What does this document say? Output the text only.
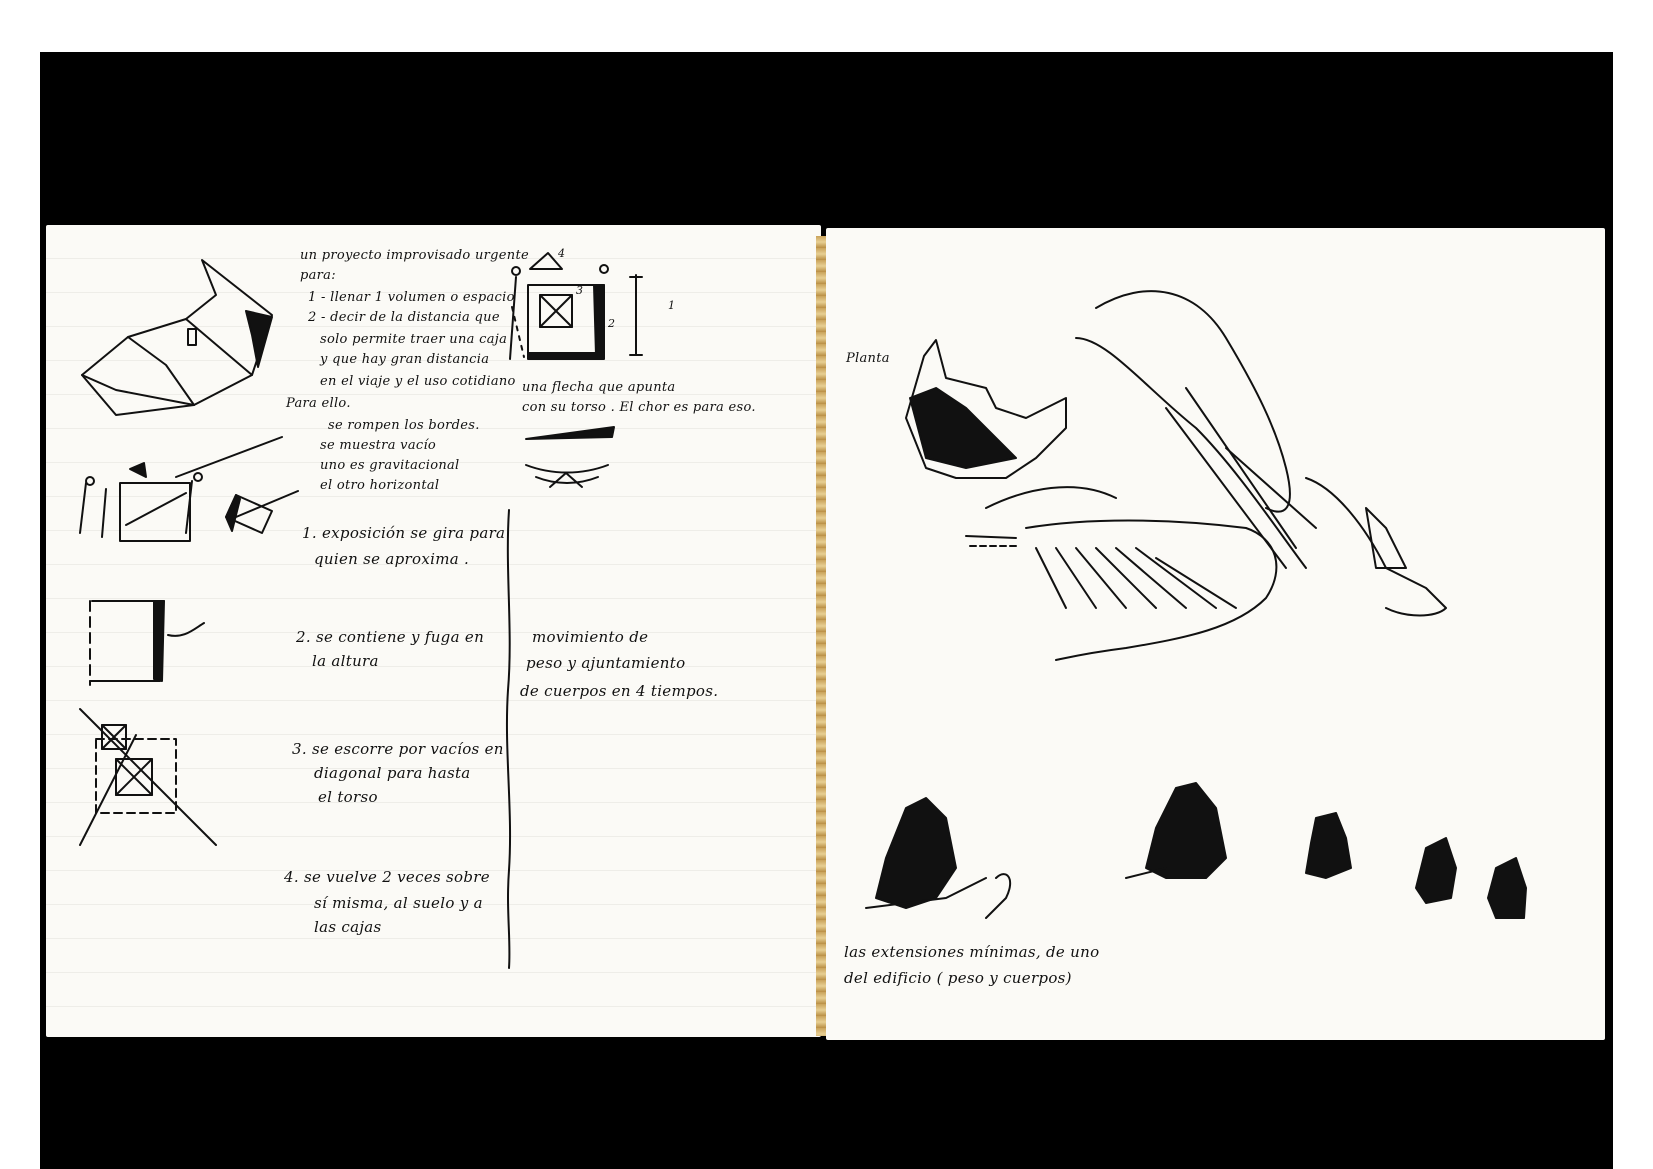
un proyecto improvisado urgente
para:
1 - llenar 1 volumen o espacio
2 - decir de la distancia que
solo permite traer una caja
y que hay gran distancia
en el viaje y el uso cotidiano
Para ello.
se rompen los bordes.
se muestra vacío
uno es gravitacional
el otro horizontal
una flecha que apunta
con su torso . El chor es para eso.
1. exposición se gira para
quien se aproxima .
2. se contiene y fuga en
la altura
3. se escorre por vacíos en
diagonal para hasta
el torso
4. se vuelve 2 veces sobre
sí misma, al suelo y a
las cajas
movimiento de
peso y ajuntamiento
de cuerpos en 4 tiempos.
4
3
2
1
Planta
las extensiones mínimas, de uno
del edificio ( peso y cuerpos)
